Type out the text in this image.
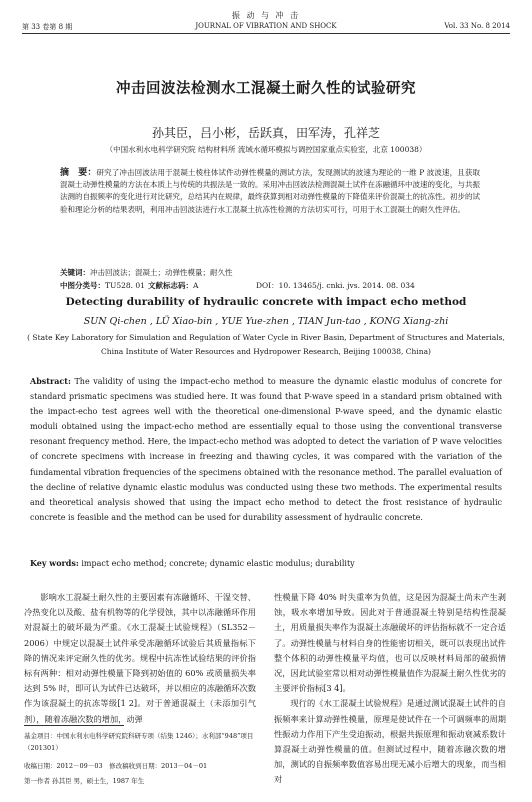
振 动 与 冲 击
第 33 卷第 8 期	JOURNAL OF VIBRATION AND SHOCK	Vol. 33 No. 8 2014
冲击回波法检测水工混凝土耐久性的试验研究
孙其臣，吕小彬，岳跃真，田军涛，孔祥芝
（中国水利水电科学研究院 结构材料所 流域水循环模拟与调控国家重点实验室，北京 100038）
摘　要：研究了冲击回波法用于混凝土棱柱体试件动弹性模量的测试方法，发现测试的波速为理论的一维 P 波波速，且获取混凝土动弹性模量的方法在本质上与传统的共振法是一致的。采用冲击回波法检测混凝土试件在冻融循环中波速的变化，与共振法测的自振频率的变化进行对比研究，总结其内在规律，最终获算到相对动弹性模量的下降值来评价混凝土的抗冻性。初步的试验和理论分析的结果表明，利用冲击回波法进行水工混凝土抗冻性检测的方法切实可行，可用于水工混凝土的耐久性评估。
关键词：冲击回波法；混凝土；动弹性模量；耐久性
中图分类号：TU528. 01 文献标志码：A	DOI：10. 13465/j. cnki. jvs. 2014. 08. 034
Detecting durability of hydraulic concrete with impact echo method
SUN Qi-chen , LÜ Xiao-bin , YUE Yue-zhen , TIAN Jun-tao , KONG Xiang-zhi
( State Key Laboratory for Simulation and Regulation of Water Cycle in River Basin, Department of Structures and Materials,
China Institute of Water Resources and Hydropower Research, Beijing 100038, China)
Abstract: The validity of using the impact-echo method to measure the dynamic elastic modulus of concrete for standard prismatic specimens was studied here. It was found that P-wave speed in a standard prism obtained with the impact-echo test agrees well with the theoretical one-dimensional P-wave speed, and the dynamic elastic moduli obtained using the impact-echo method are essentially equal to those using the conventional transverse resonant frequency method. Here, the impact-echo method was adopted to detect the variation of P wave velocities of concrete specimens with increase in freezing and thawing cycles, it was compared with the variation of the fundamental vibration frequencies of the specimens obtained with the resonance method. The parallel evaluation of the decline of relative dynamic elastic modulus was conducted using these two methods. The experimental results and theoretical analysis showed that using the impact echo method to detect the frost resistance of hydraulic concrete is feasible and the method can be used for durability assessment of hydraulic concrete.
Key words: impact echo method; concrete; dynamic elastic modulus; durability

影响水工混凝土耐久性的主要因素有冻融循环、干湿交替、冷热变化以及酸、盐有机物等的化学侵蚀，其中以冻融循环作用对混凝土的破坏最为严重。《水工混凝土试验规程》（SL352－2006）中规定以混凝土试件承受冻融循环试验后其质量指标下降的情况来评定耐久性的优劣。规程中抗冻性试验结果的评价指标有两种：相对动弹性模量下降到初始值的 60% 或质量损失率达到 5% 时，即可认为试件已达破坏，并以相应的冻融循环次数作为该混凝土的抗冻等级[1 2]。对于普通混凝土（未添加引气剂），随着冻融次数的增加，动弹

性模量下降 40% 时失重率为负值，这是因为混凝土尚未产生剥蚀，吸水率增加导致。因此对于普通混凝土特别是结构性混凝土，用质量损失率作为混凝土冻融破坏的评估指标就不一定合适了。动弹性模量与材料自身的性能密切相关，既可以表现出试件整个体积的动弹性模量平均值，也可以反映材料局部的破损情况，因此试验室常以相对动弹性模量值作为混凝土耐久性优劣的主要评价指标[3 4]。

现行的《水工混凝土试验规程》是通过测试混凝土试件的自振频率来计算动弹性模量，原理是使试件在一个可调频率的周期性振动力作用下产生受迫振动，根据共振原理和振动衰减系数计算混凝土动弹性模量的值。但测试过程中，随着冻融次数的增加，测试的自振频率数值容易出现无减小后增大的现象，而当相对

基金项目：中国水利水电科学研究院科研专项（结集 1246）；水利部“948”项目（201301）
收稿日期：2012－09－03　修改稿收到日期：2013－04－01
第一作者 孙其臣 男，硕士生，1987 年生
